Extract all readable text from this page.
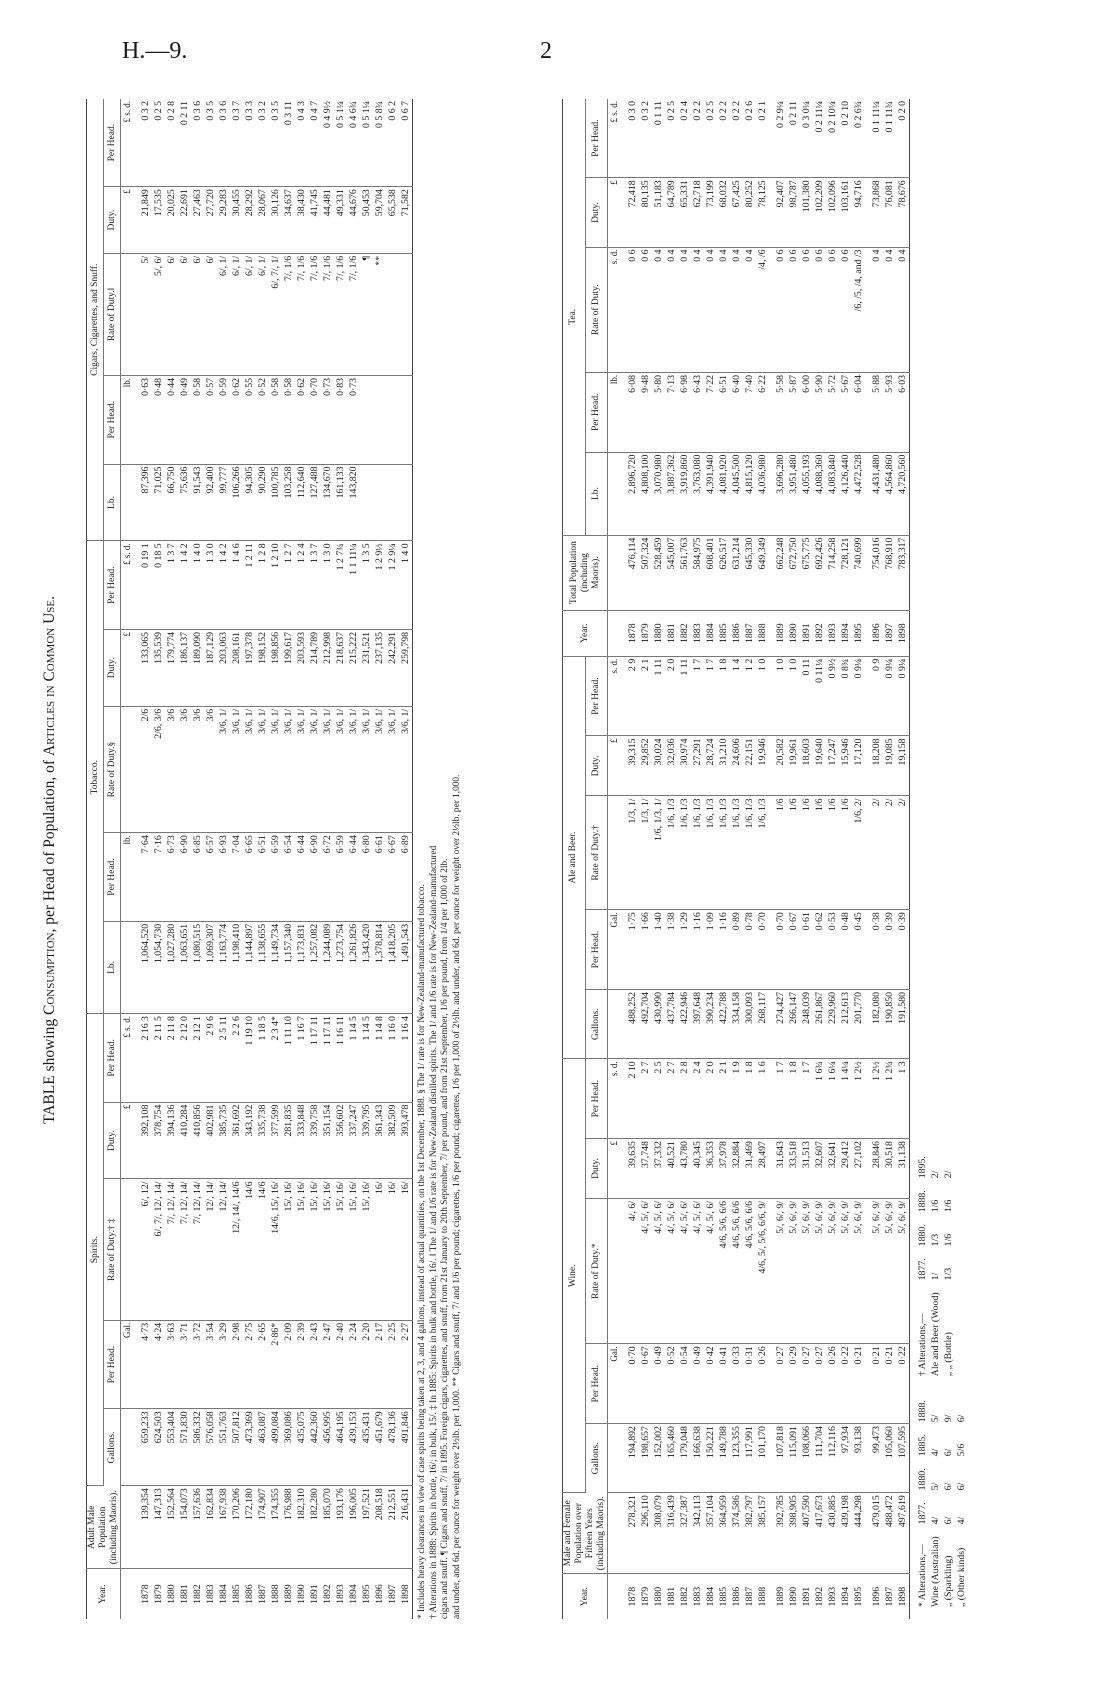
H.—9.	2
TABLE showing Consumption, per Head of Population, of Articles in Common Use.
Year.	Adult Male Population (including Maoris).	Spirits.					Tobacco.					Cigars, Cigarettes, and Snuff.				
		Gallons.	Per Head.	Rate of Duty.† ‡	Duty.	Per Head.	Lb.	Per Head.	Rate of Duty.§	Duty.	Per Head.	Lb.	Per Head.	Rate of Duty.‖	Duty.	Per Head.
			Gal.		£	£ s. d.		lb.		£	£ s. d.		lb.		£	£ s. d.
1878	139,354	659,233	4·73	6/, 12/	392,108	2 16 3	1,064,520	7·64	2/6	133,065	0 19 1	87,396	0·63	5/	21,849	0 3 2
1879	147,313	624,503	4·24	6/, 7/, 12/, 14/	378,754	2 11 5	1,054,730	7·16	2/6, 3/6	135,539	0 18 5	71,025	0·48	5/, 6/	17,535	0 2 5
1880	152,564	553,404	3·63	7/, 12/, 14/	394,136	2 11 8	1,027,280	6·73	3/6	179,774	1 3 7	66,750	0·44	6/	20,025	0 2 8
1881	154,073	571,830	3·71	7/, 12/, 14/	410,284	2 12 0	1,063,651	6·90	3/6	186,137	1 4 2	75,636	0·49	6/	22,691	0 2 11
1882	157,636	586,332	3·72	7/, 12/, 14/	410,856	2 12 1	1,080,515	6·85	3/6	189,090	1 4 0	91,543	0·58	6/	27,463	0 3 6
1883	162,834	576,058	3·54	12/, 14/	402,981	2 9 6	1,069,307	6·57	3/6	187,129	1 3 0	92,400	0·57	6/	27,720	0 3 5
1884	167,938	551,763	3·29	12/, 14/	385,735	2 5 11	1,163,774	6·93	3/6, 1/	203,063	1 4 2	99,777	0·59	6/, 1/	29,283	0 3 6
1885	170,206	507,812	2·98	12/, 14/, 14/6	361,692	2 2 6	1,198,410	7·04	3/6, 1/	208,161	1 4 6	106,266	0·62	6/, 1/	30,455	0 3 7
1886	172,180	473,369	2·75	14/6	343,192	1 19 10	1,144,897	6·65	3/6, 1/	197,378	1 2 11	94,305	0·55	6/, 1/	28,292	0 3 3
1887	174,907	463,087	2·65	14/6	335,738	1 18 5	1,138,655	6·51	3/6, 1/	198,152	1 2 8	90,290	0·52	6/, 1/	28,067	0 3 2
1888	174,355	499,084	2·86*	14/6, 15/, 16/	377,599	2 3 4*	1,149,734	6·59	3/6, 1/	198,856	1 2 10	100,785	0·58	6/, 7/, 1/	30,126	0 3 5
1889	176,988	369,086	2·09	15/, 16/	281,835	1 11 10	1,157,340	6·54	3/6, 1/	199,617	1 2 7	103,258	0·58	7/, 1/6	34,637	0 3 11
1890	182,310	435,075	2·39	15/, 16/	333,848	1 16 7	1,173,831	6·44	3/6, 1/	203,593	1 2 4	112,640	0·62	7/, 1/6	38,430	0 4 3
1891	182,280	442,360	2·43	15/, 16/	339,758	1 17 11	1,257,082	6·90	3/6, 1/	214,789	1 3 7	127,488	0·70	7/, 1/6	41,745	0 4 7
1892	185,070	456,995	2·47	15/, 16/	351,154	1 17 11	1,244,089	6·72	3/6, 1/	212,998	1 3 0	134,670	0·73	7/, 1/6	44,481	0 4 9½
1893	193,176	464,195	2·40	15/, 16/	356,602	1 16 11	1,273,754	6·59	3/6, 1/	218,637	1 2 7¾	161,133	0·83	7/, 1/6	49,331	0 5 1¼
1894	196,005	439,153	2·24	15/, 16/	337,247	1 14 5	1,261,826	6·44	3/6, 1/	215,222	1 1 11¼	143,820	0·73	7/, 1/6	44,676	0 4 6¾
1895	197,521	435,431	2·20	15/, 16/	339,795	1 14 5	1,343,420	6·80	3/6, 1/	231,521	1 3 5			¶	50,453	0 5 1¼
1896	208,518	451,679	2·17	16/	361,343	1 14 8	1,378,814	6·61	3/6, 1/	237,135	1 2 9½			**	59,704	0 5 8¾
1897	212,551	478,136	2·25	16/	382,509	1 16 0	1,418,205	6·67	3/6, 1/	242,291	1 2 9¼				65,538	0 6 2
1898	216,431	491,846	2·27	16/	393,478	1 16 4	1,491,543	6·89	3/6, 1/	259,798	1 4 0				71,582	0 6 7
* Includes heavy clearances in view of case spirits being taken at 2, 3, and 4 gallons, instead of actual quantities, on the 1st December, 1888. § The 1/ rate is for New-Zealand-manufactured tobacco. † Alterations in 1888: Spirits in bottle, 16/; in bulk, 15/. ‡ In 1885: Spirits in bulk and bottle, 16/. ‖ The 1/ and 1/6 rate is for New-Zealand distilled spirits. The 1/ and 1/6 rate is for New-Zealand-manufactured cigars and snuff. ¶ Cigars and snuff, 7/ in 1895. Foreign cigars, cigarettes, and snuff, from 21st January to 20th September, 7/ per pound, and from 21st September, 1/6 per pound, from 1/4 per 1,000 of 2lb. and under, and 6d. per ounce for weight over 2½lb. per 1,000. ** Cigars and snuff, 7/ and 1/6 per pound; cigarettes, 1/6 per pound; cigarettes, 1/6 per 1,000 of 2½lb. and under, and 6d. per ounce for weight over 2½lb. per 1,000.	Year.	Male and Female Population over Fifteen Years (including Maoris).	Wine.					Ale and Beer.					Year.	Total Population (including Maoris).	Tea.				
		Gallons.	Per Head.	Rate of Duty.*	Duty.	Per Head.	Gallons.	Per Head.	Rate of Duty.†	Duty.	Per Head.			Lb.	Per Head.	Rate of Duty.	Duty.	Per Head.
			Gal.		£	s. d.		Gal.		£	s. d.				lb.	s. d.	£	£ s. d.
1878	278,321	194,892	0·70	4/, 6/	39,635	2 10	488,252	1·75	1/3, 1/	39,315	2 9	1878	476,114	2,896,720	6·08	0 6	72,418	0 3 0
1879	296,110	198,657	0·67	4/, 5/, 6/	37,748	2 7	492,704	1·66	1/3, 1/	29,852	2 1	1879	507,324	4,808,100	9·48	0 6	80,135	0 3 2
1880	308,079	152,002	0·49	4/, 5/, 6/	37,332	2 5	430,990	1·40	1/6, 1/3, 1/	30,024	1 11	1880	528,459	3,070,980	5·80	0 4	51,183	0 1 11
1881	316,439	165,460	0·52	4/, 5/, 6/	40,521	2 7	437,784	1·38	1/6, 1/3	32,036	2 0	1881	545,007	3,887,362	7·13	0 4	64,789	0 2 5
1882	327,387	179,048	0·54	4/, 5/, 6/	43,780	2 8	422,946	1·29	1/6, 1/3	30,974	1 11	1882	561,763	3,919,860	6·98	0 4	65,331	0 2 4
1883	342,113	166,638	0·49	4/, 5/, 6/	40,345	2 4	397,648	1·16	1/6, 1/3	27,291	1 7	1883	584,975	3,763,080	6·43	0 4	62,718	0 2 2
1884	357,104	150,221	0·42	4/, 5/, 6/	36,353	2 0	390,234	1·09	1/6, 1/3	28,724	1 7	1884	608,401	4,391,940	7·22	0 4	73,199	0 2 5
1885	364,959	149,788	0·41	4/6, 5/6, 6/6	37,978	2 1	422,788	1·16	1/6, 1/3	31,210	1 8	1885	626,517	4,081,920	6·51	0 4	68,032	0 2 2
1886	374,586	123,355	0·33	4/6, 5/6, 6/6	32,884	1 9	334,158	0·89	1/6, 1/3	24,606	1 4	1886	631,214	4,045,500	6·40	0 4	67,425	0 2 2
1887	382,797	117,991	0·31	4/6, 5/6, 6/6	31,469	1 8	300,093	0·78	1/6, 1/3	22,151	1 2	1887	645,330	4,815,120	7·40	0 4	80,252	0 2 6
1888	385,157	101,170	0·26	4/6, 5/, 5/6, 6/6, 9/	28,497	1 6	268,117	0·70	1/6, 1/3	19,946	1 0	1888	649,349	4,036,980	6·22	/4, /6	78,125	0 2 1
1889	392,785	107,818	0·27	5/, 6/, 9/	31,643	1 7	274,427	0·70	1/6	20,582	1 0	1889	662,248	3,696,280	5·58	0 6	92,407	0 2 9¼
1890	398,905	115,091	0·29	5/, 6/, 9/	33,518	1 8	266,147	0·67	1/6	19,961	1 0	1890	672,750	3,951,480	5·87	0 6	98,787	0 2 11
1891	407,590	108,066	0·27	5/, 6/, 9/	31,513	1 7	248,039	0·61	1/6	18,603	0 11	1891	675,775	4,055,193	6·00	0 6	101,380	0 3 0¼
1892	417,673	111,704	0·27	5/, 6/, 9/	32,607	1 6¾	261,867	0·62	1/6	19,640	0 11¼	1892	692,426	4,088,360	5·90	0 6	102,209	0 2 11¼
1893	430,885	112,116	0·26	5/, 6/, 9/	32,641	1 6¼	229,960	0·53	1/6	17,247	0 9½	1893	714,258	4,083,840	5·72	0 6	102,096	0 2 10¼
1894	439,198	97,934	0·22	5/, 6/, 9/	29,412	1 4¼	212,613	0·48	1/6	15,946	0 8¾	1894	728,121	4,126,440	5·67	0 6	103,161	0 2 10
1895	444,298	93,138	0·21	5/, 6/, 9/	27,102	1 2½	201,770	0·45	1/6, 2/	17,120	0 9¼	1895	740,699	4,472,528	6·04	/6, /5, /4, and /3	94,716	0 2 6¾
1896	479,015	99,473	0·21	5/, 6/, 9/	28,846	1 2½	182,080	0·38	2/	18,208	0 9	1896	754,016	4,431,480	5·88	0 4	73,868	0 1 11¼
1897	488,472	105,060	0·21	5/, 6/, 9/	30,518	1 2¾	190,850	0·39	2/	19,085	0 9¼	1897	768,910	4,564,860	5·93	0 4	76,081	0 1 11¾
1898	497,619	107,595	0·22	5/, 6/, 9/	31,138	1 3	191,580	0·39	2/	19,158	0 9¼	1898	783,317	4,720,560	6·03	0 4	78,676	0 2 0
* Alterations,—	1877.	1880.	1885.	1888.
Wine (Australian)	4/	5/	4/	5/
„ (Sparkling)	6/	6/	6/	9/
„ (Other kinds)	4/	6/	5/6	6/

† Alterations,—	1877.	1880.	1888.	1895.
Ale and Beer (Wood)	1/	1/3	1/6	2/
„ „ (Bottle)	1/3	1/6	1/6	2/
